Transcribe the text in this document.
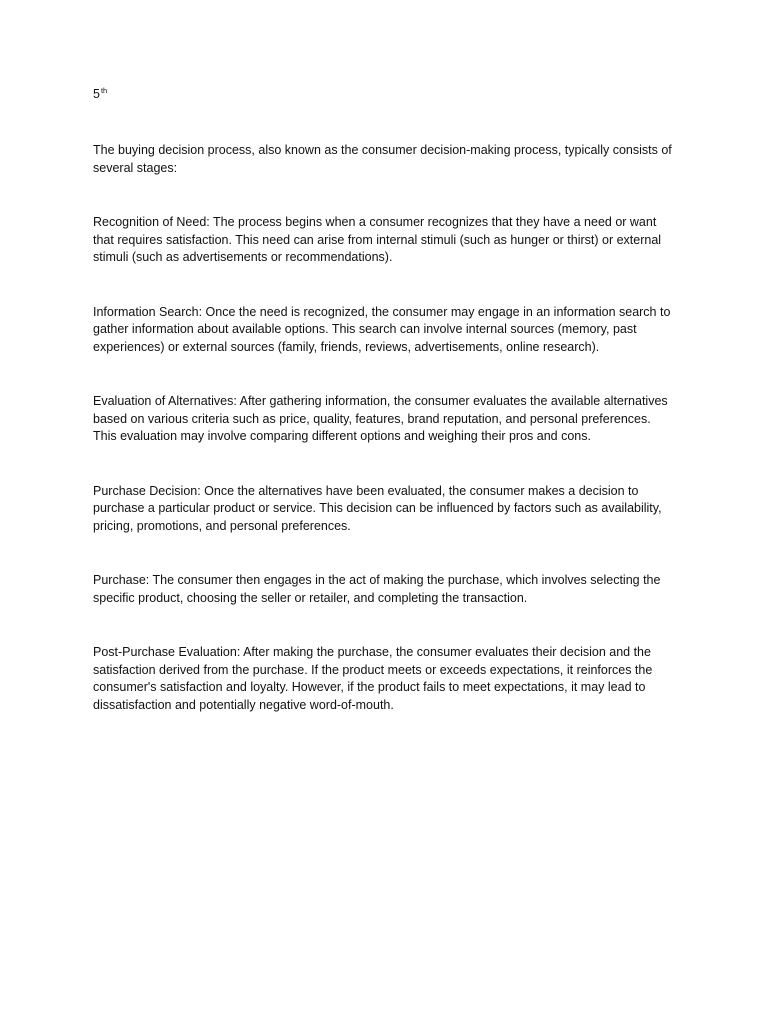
5th

The buying decision process, also known as the consumer decision-making process, typically consists of several stages:

Recognition of Need: The process begins when a consumer recognizes that they have a need or want that requires satisfaction. This need can arise from internal stimuli (such as hunger or thirst) or external stimuli (such as advertisements or recommendations).

Information Search: Once the need is recognized, the consumer may engage in an information search to gather information about available options. This search can involve internal sources (memory, past experiences) or external sources (family, friends, reviews, advertisements, online research).

Evaluation of Alternatives: After gathering information, the consumer evaluates the available alternatives based on various criteria such as price, quality, features, brand reputation, and personal preferences. This evaluation may involve comparing different options and weighing their pros and cons.

Purchase Decision: Once the alternatives have been evaluated, the consumer makes a decision to purchase a particular product or service. This decision can be influenced by factors such as availability, pricing, promotions, and personal preferences.

Purchase: The consumer then engages in the act of making the purchase, which involves selecting the specific product, choosing the seller or retailer, and completing the transaction.

Post-Purchase Evaluation: After making the purchase, the consumer evaluates their decision and the satisfaction derived from the purchase. If the product meets or exceeds expectations, it reinforces the consumer's satisfaction and loyalty. However, if the product fails to meet expectations, it may lead to dissatisfaction and potentially negative word-of-mouth.
